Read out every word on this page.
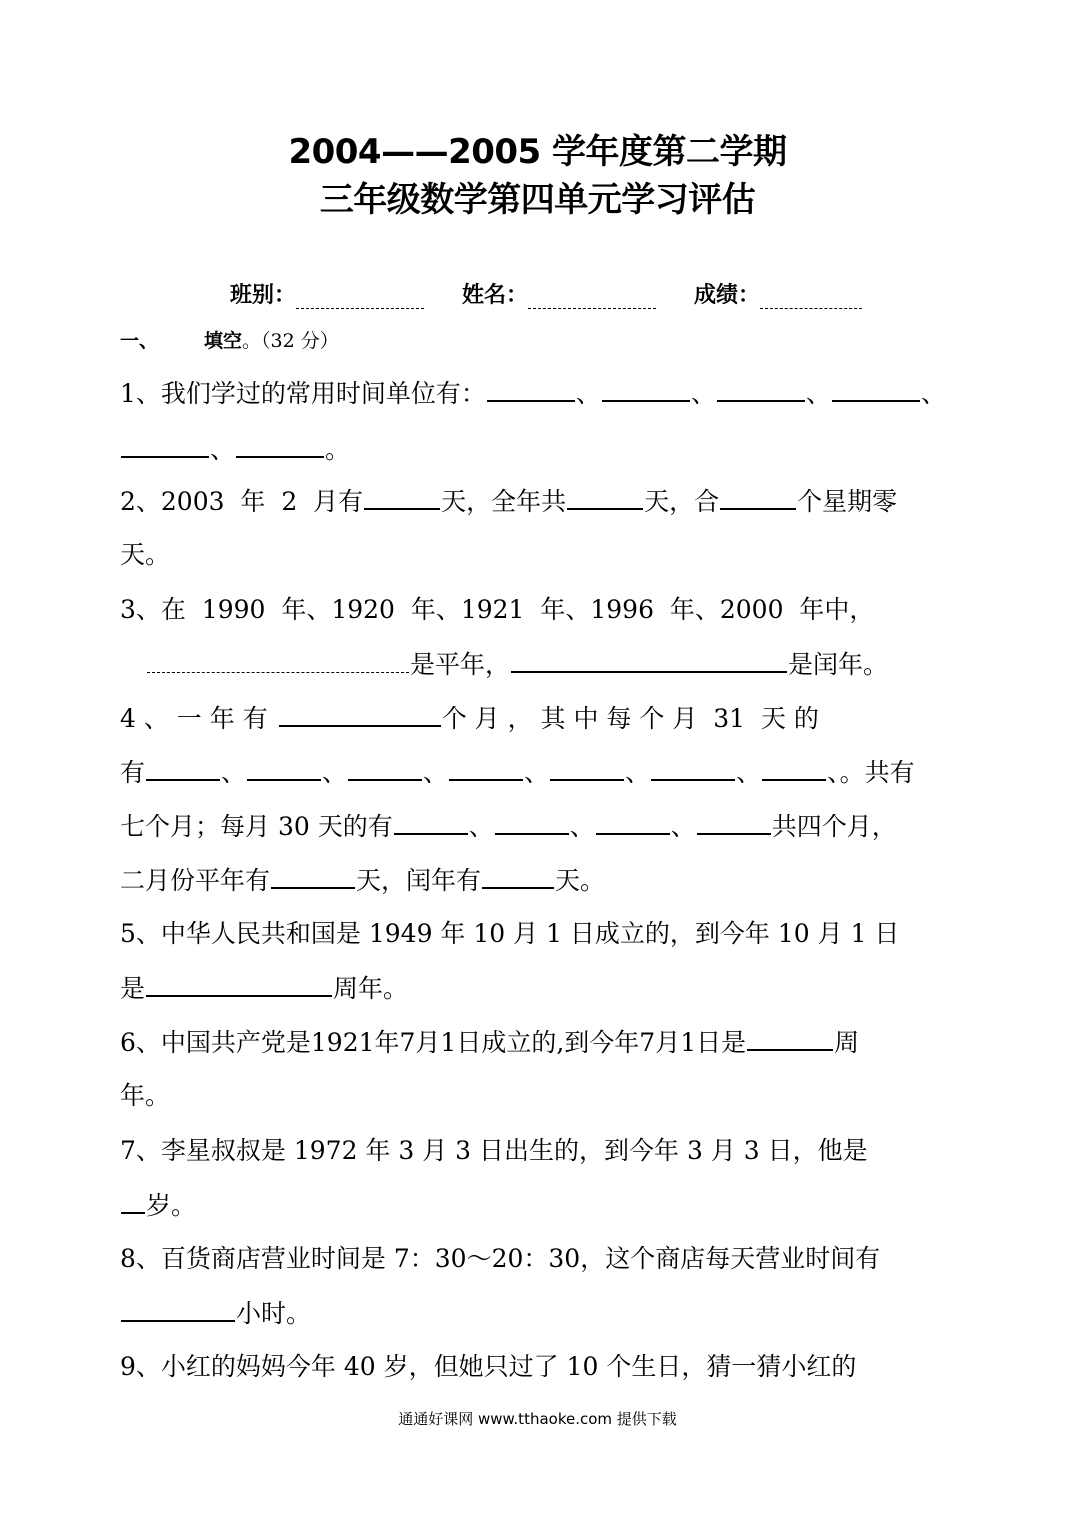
2004——2005 学年度第二学期
三年级数学第四单元学习评估
班别：	姓名：	成绩：
一、 填空。（32 分）
1、我们学过的常用时间单位有：	、	、	、	、
、	。
2、2003  年  2  月有	天，全年共	天，合	个星期零
天。
3、在  1990  年、1920  年、1921  年、1996  年、2000  年中，
是平年，	是闰年。
4 、 一 年 有	个 月 ， 其 中 每 个 月  31  天 的
有	、	、	、	、	、	、	、。共有
七个月；每月 30 天的有	、	、	、	共四个月，
二月份平年有	天，闰年有	天。
5、中华人民共和国是 1949 年 10 月 1 日成立的，到今年 10 月 1 日
是	周年。
6、中国共产党是1921年7月1日成立的,到今年7月1日是	周
年。
7、李星叔叔是 1972 年 3 月 3 日出生的，到今年 3 月 3 日，他是
岁。
8、百货商店营业时间是 7：30～20：30，这个商店每天营业时间有
小时。
9、小红的妈妈今年 40 岁，但她只过了 10 个生日，猜一猜小红的
通通好课网 www.tthaoke.com 提供下载
